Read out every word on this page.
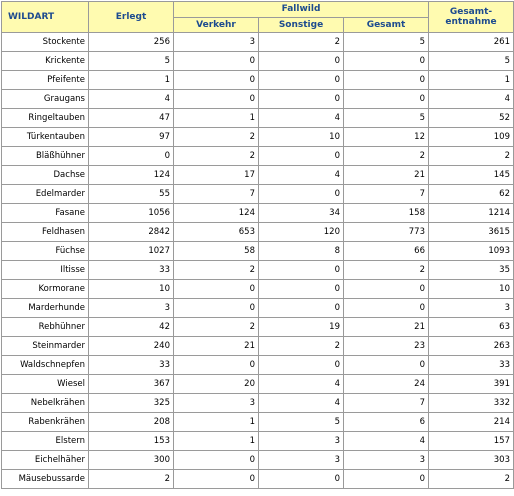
WILDART	Erlegt	Fallwild			Gesamt-
entnahme
		Verkehr	Sonstige	Gesamt	
Stockente	256	3	2	5	261
Krickente	5	0	0	0	5
Pfeifente	1	0	0	0	1
Graugans	4	0	0	0	4
Ringeltauben	47	1	4	5	52
Türkentauben	97	2	10	12	109
Bläßhühner	0	2	0	2	2
Dachse	124	17	4	21	145
Edelmarder	55	7	0	7	62
Fasane	1056	124	34	158	1214
Feldhasen	2842	653	120	773	3615
Füchse	1027	58	8	66	1093
Iltisse	33	2	0	2	35
Kormorane	10	0	0	0	10
Marderhunde	3	0	0	0	3
Rebhühner	42	2	19	21	63
Steinmarder	240	21	2	23	263
Waldschnepfen	33	0	0	0	33
Wiesel	367	20	4	24	391
Nebelkrähen	325	3	4	7	332
Rabenkrähen	208	1	5	6	214
Elstern	153	1	3	4	157
Eichelhäher	300	0	3	3	303
Mäusebussarde	2	0	0	0	2
